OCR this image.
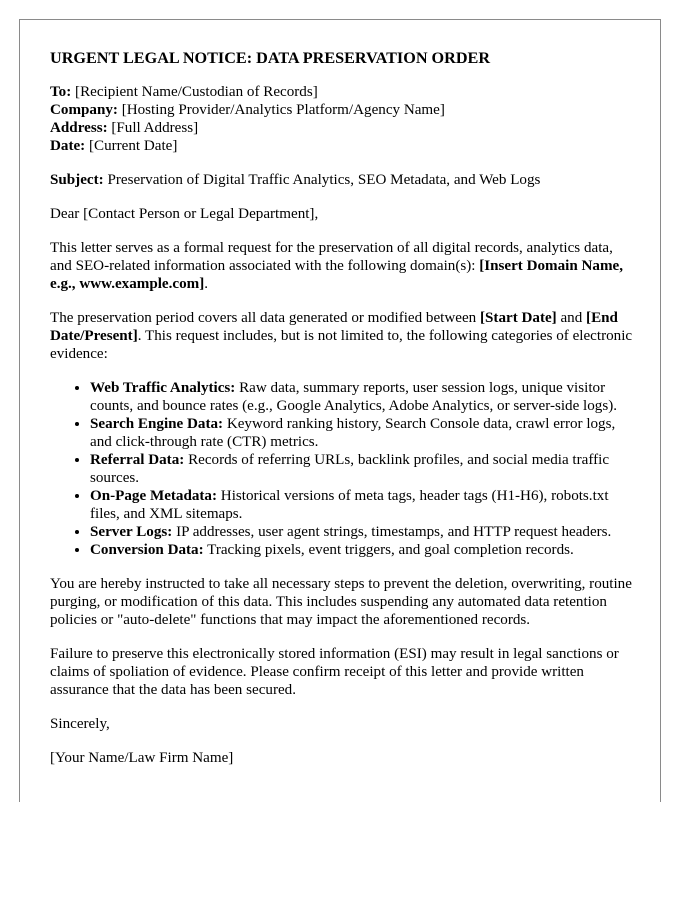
URGENT LEGAL NOTICE: DATA PRESERVATION ORDER

To: [Recipient Name/Custodian of Records]
Company: [Hosting Provider/Analytics Platform/Agency Name]
Address: [Full Address]
Date: [Current Date]

Subject: Preservation of Digital Traffic Analytics, SEO Metadata, and Web Logs

Dear [Contact Person or Legal Department],

This letter serves as a formal request for the preservation of all digital records, analytics data, and SEO-related information associated with the following domain(s): [Insert Domain Name, e.g., www.example.com].

The preservation period covers all data generated or modified between [Start Date] and [End Date/Present]. This request includes, but is not limited to, the following categories of electronic evidence:

• Web Traffic Analytics: Raw data, summary reports, user session logs, unique visitor counts, and bounce rates (e.g., Google Analytics, Adobe Analytics, or server-side logs).
• Search Engine Data: Keyword ranking history, Search Console data, crawl error logs, and click-through rate (CTR) metrics.
• Referral Data: Records of referring URLs, backlink profiles, and social media traffic sources.
• On-Page Metadata: Historical versions of meta tags, header tags (H1-H6), robots.txt files, and XML sitemaps.
• Server Logs: IP addresses, user agent strings, timestamps, and HTTP request headers.
• Conversion Data: Tracking pixels, event triggers, and goal completion records.

You are hereby instructed to take all necessary steps to prevent the deletion, overwriting, routine purging, or modification of this data. This includes suspending any automated data retention policies or "auto-delete" functions that may impact the aforementioned records.

Failure to preserve this electronically stored information (ESI) may result in legal sanctions or claims of spoliation of evidence. Please confirm receipt of this letter and provide written assurance that the data has been secured.

Sincerely,

[Your Name/Law Firm Name]
